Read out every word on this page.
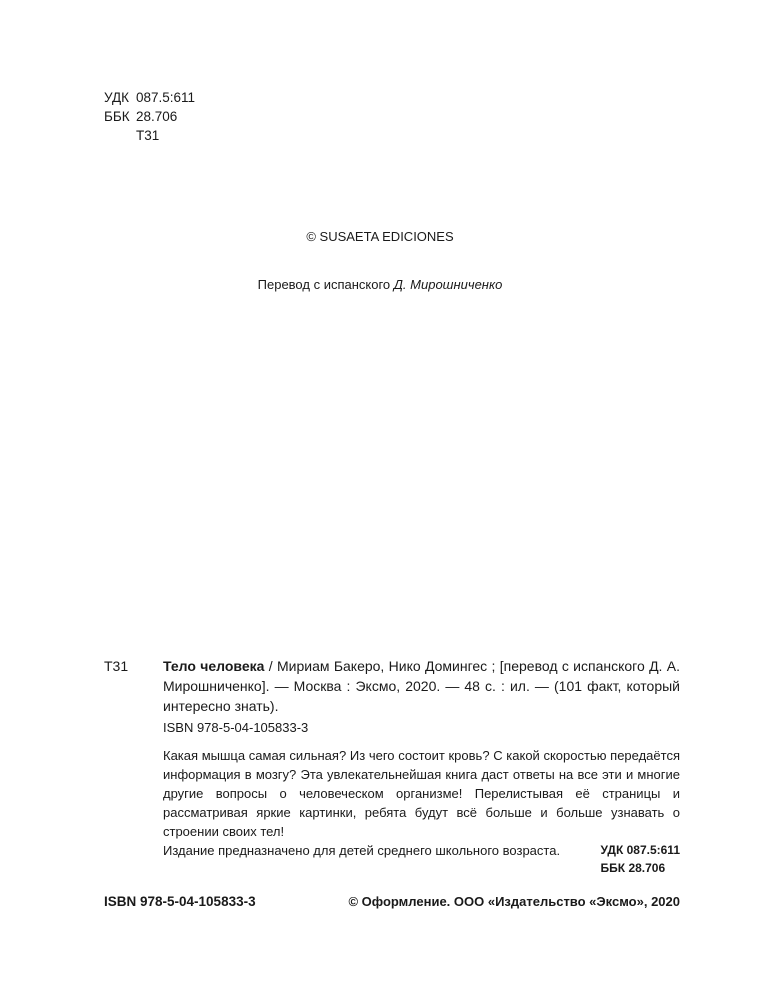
УДК 087.5:611
ББК 28.706
Т31
© SUSAETA EDICIONES
Перевод с испанского Д. Мирошниченко
Т31 Тело человека / Мириам Бакеро, Нико Домингес ; [перевод с испанского Д. А. Мирошниченко]. — Москва : Эксмо, 2020. — 48 с. : ил. — (101 факт, который интересно знать).
ISBN 978-5-04-105833-3

Какая мышца самая сильная? Из чего состоит кровь? С какой скоростью передаётся информация в мозгу? Эта увлекательнейшая книга даст ответы на все эти и многие другие вопросы о человеческом организме! Перелистывая её страницы и рассматривая яркие картинки, ребята будут всё больше и больше узнавать о строении своих тел!

Издание предназначено для детей среднего школьного возраста.	УДК 087.5:611
ББК 28.706
ISBN 978-5-04-105833-3	© Оформление. ООО «Издательство «Эксмо», 2020
